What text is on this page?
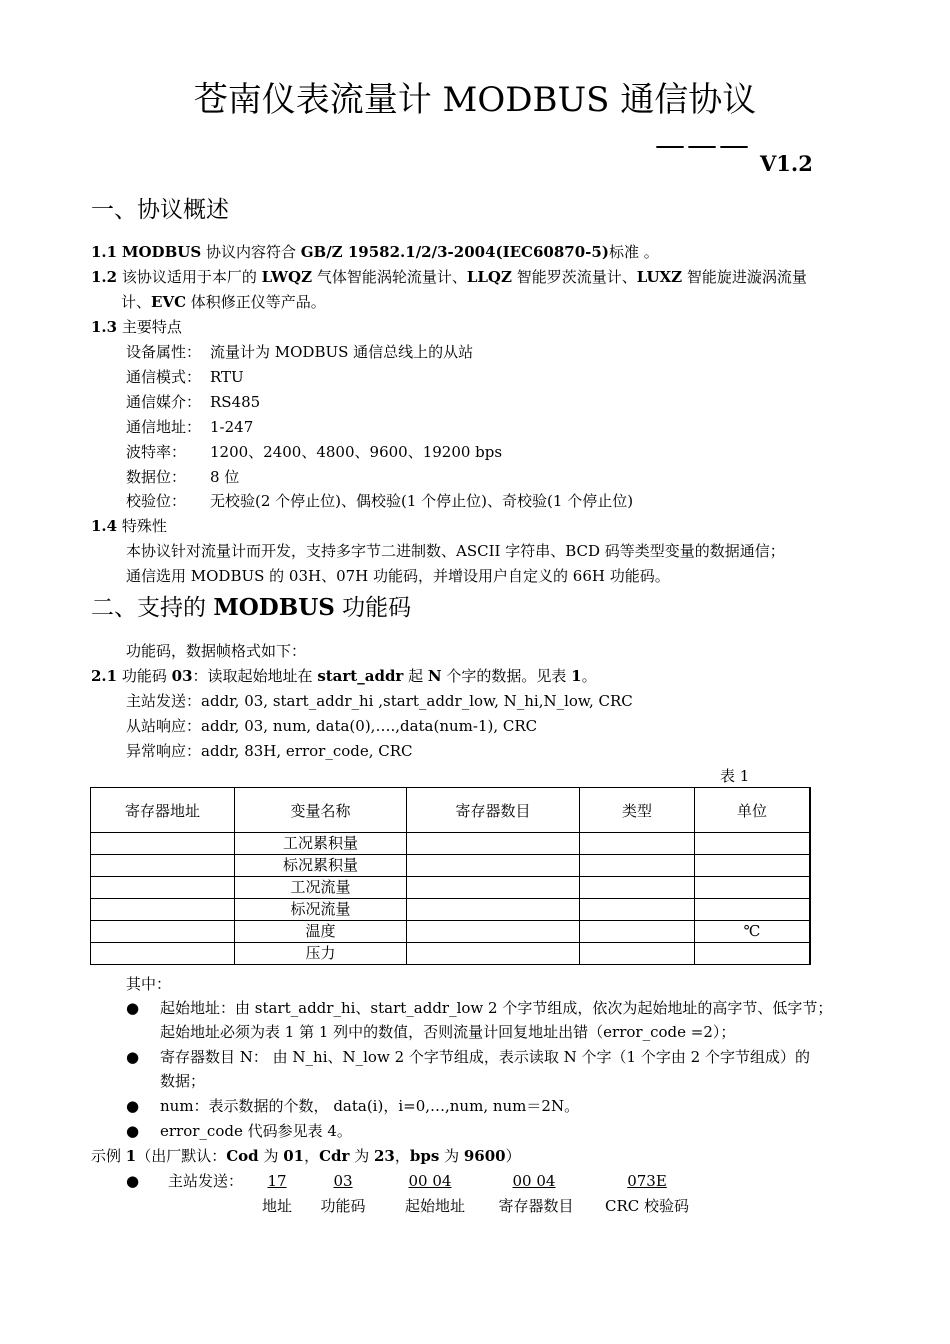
苍南仪表流量计 MODBUS 通信协议
———
V1.2
一、协议概述
1.1 MODBUS 协议内容符合 GB/Z 19582.1/2/3-2004(IEC60870-5)标准 。
1.2 该协议适用于本厂的 LWQZ 气体智能涡轮流量计、LLQZ 智能罗茨流量计、LUXZ 智能旋进漩涡流量
计、EVC 体积修正仪等产品。
1.3 主要特点
设备属性： 流量计为 MODBUS 通信总线上的从站
通信模式： RTU
通信媒介： RS485
通信地址： 1-247
波特率： 1200、2400、4800、9600、19200 bps
数据位： 8 位
校验位： 无校验(2 个停止位)、偶校验(1 个停止位)、奇校验(1 个停止位)
1.4 特殊性
本协议针对流量计而开发，支持多字节二进制数、ASCII 字符串、BCD 码等类型变量的数据通信；
通信选用 MODBUS 的 03H、07H 功能码，并增设用户自定义的 66H 功能码。
二、支持的 MODBUS 功能码
功能码，数据帧格式如下：
2.1 功能码 03：读取起始地址在 start_addr 起 N 个字的数据。见表 1。
主站发送：addr, 03, start_addr_hi ,start_addr_low, N_hi,N_low, CRC
从站响应：addr, 03, num, data(0),….,data(num-1), CRC
异常响应：addr, 83H, error_code, CRC
表 1
寄存器地址	变量名称	寄存器数目	类型	单位
	工况累积量			
	标况累积量			
	工况流量			
	标况流量			
	温度			℃
	压力			
其中：
● 起始地址：由 start_addr_hi、start_addr_low 2 个字节组成，依次为起始地址的高字节、低字节；
起始地址必须为表 1 第 1 列中的数值，否则流量计回复地址出错（error_code =2）；
● 寄存器数目 N： 由 N_hi、N_low 2 个字节组成，表示读取 N 个字（1 个字由 2 个字节组成）的
数据；
● num：表示数据的个数， data(i)，i=0,…,num, num＝2N。
● error_code 代码参见表 4。
示例 1（出厂默认：Cod 为 01，Cdr 为 23，bps 为 9600）
● 主站发送：	17	03	00 04	00 04	073E
地址	功能码	起始地址	寄存器数目	CRC 校验码
